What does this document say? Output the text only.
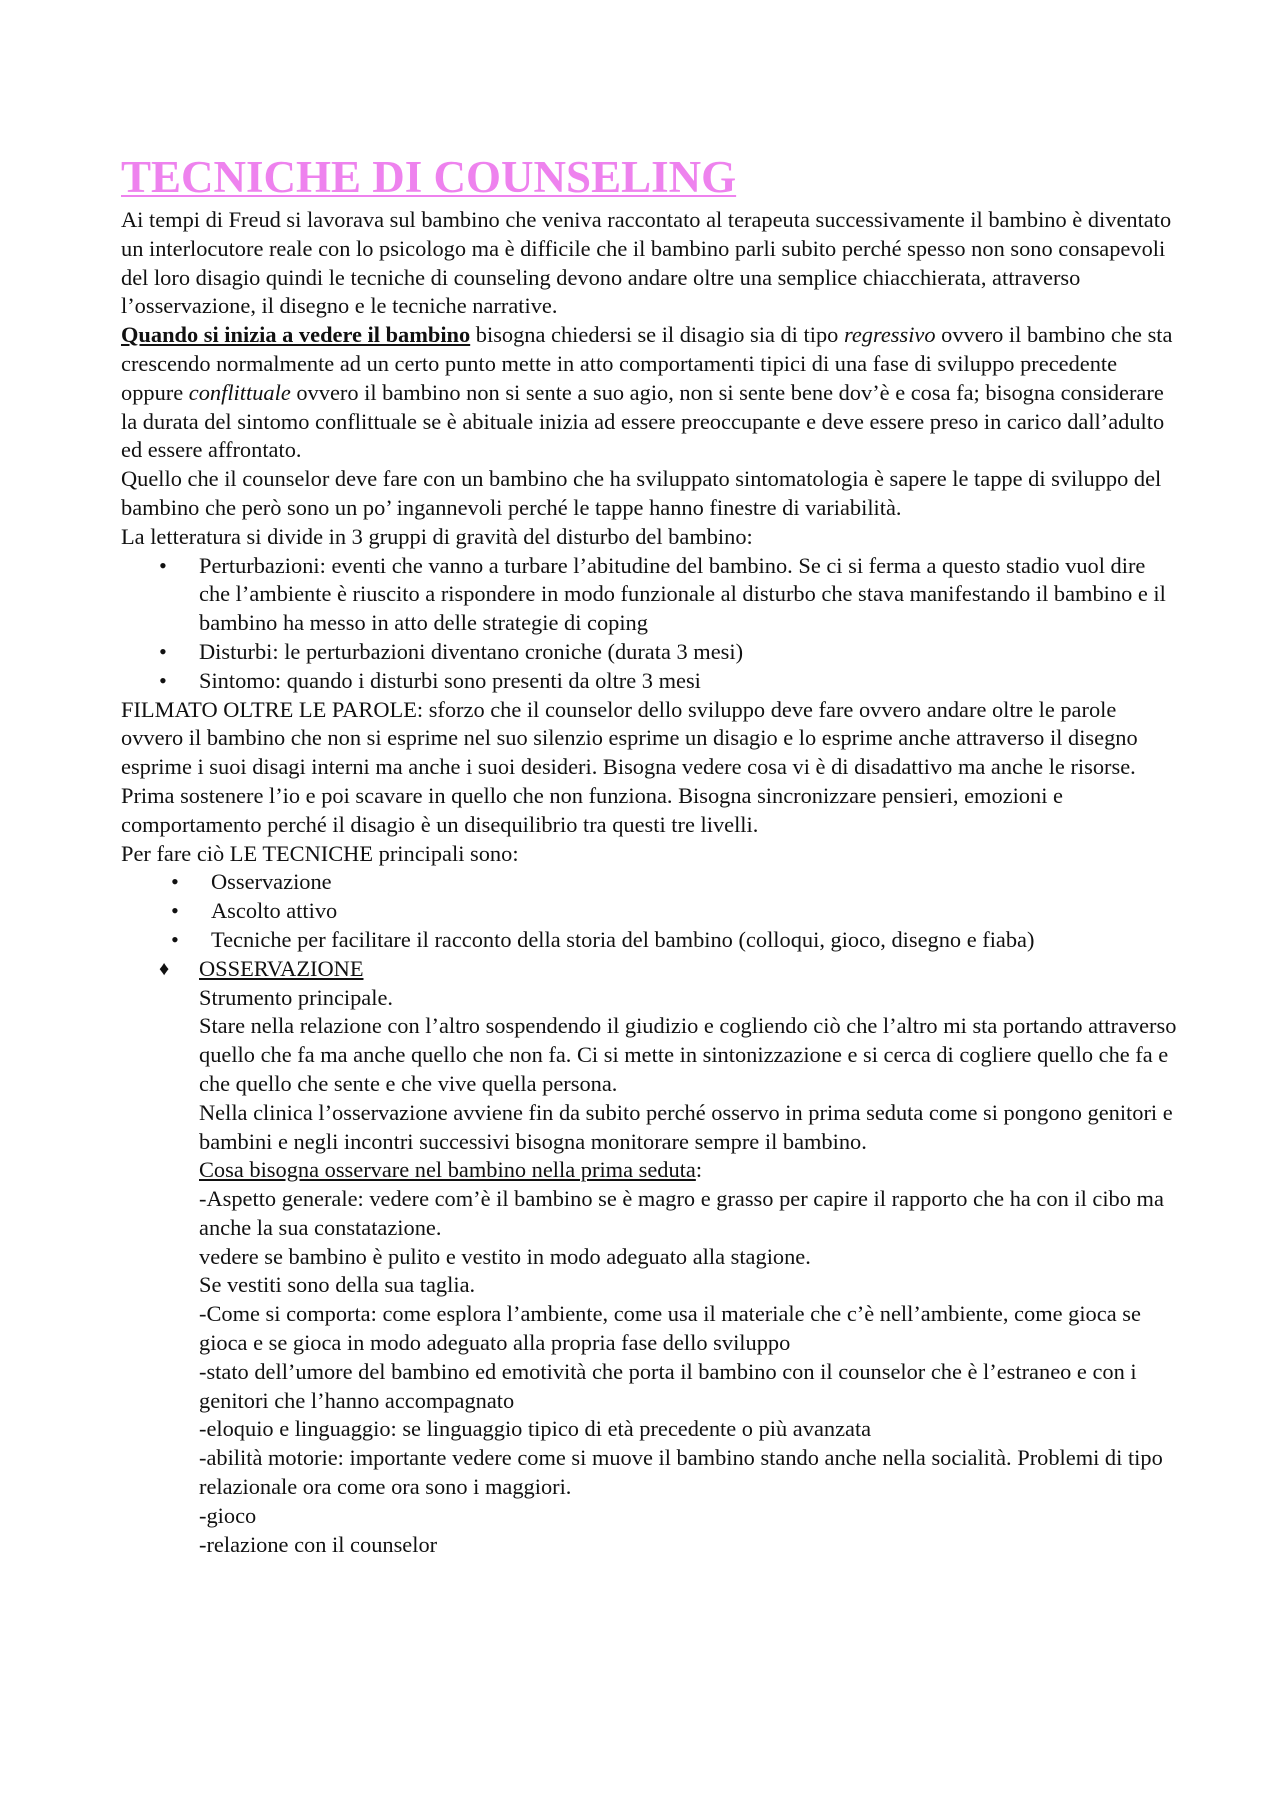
TECNICHE DI COUNSELING

Ai tempi di Freud si lavorava sul bambino che veniva raccontato al terapeuta successivamente il bambino è diventato un interlocutore reale con lo psicologo ma è difficile che il bambino parli subito perché spesso non sono consapevoli del loro disagio quindi le tecniche di counseling devono andare oltre una semplice chiacchierata, attraverso l’osservazione, il disegno e le tecniche narrative.

Quando si inizia a vedere il bambino bisogna chiedersi se il disagio sia di tipo regressivo ovvero il bambino che sta crescendo normalmente ad un certo punto mette in atto comportamenti tipici di una fase di sviluppo precedente oppure conflittuale ovvero il bambino non si sente a suo agio, non si sente bene dov’è e cosa fa; bisogna considerare la durata del sintomo conflittuale se è abituale inizia ad essere preoccupante e deve essere preso in carico dall’adulto ed essere affrontato.

Quello che il counselor deve fare con un bambino che ha sviluppato sintomatologia è sapere le tappe di sviluppo del bambino che però sono un po’ ingannevoli perché le tappe hanno finestre di variabilità.

La letteratura si divide in 3 gruppi di gravità del disturbo del bambino:

• Perturbazioni: eventi che vanno a turbare l’abitudine del bambino. Se ci si ferma a questo stadio vuol dire che l’ambiente è riuscito a rispondere in modo funzionale al disturbo che stava manifestando il bambino e il bambino ha messo in atto delle strategie di coping
• Disturbi: le perturbazioni diventano croniche (durata 3 mesi)
• Sintomo: quando i disturbi sono presenti da oltre 3 mesi

FILMATO OLTRE LE PAROLE: sforzo che il counselor dello sviluppo deve fare ovvero andare oltre le parole ovvero il bambino che non si esprime nel suo silenzio esprime un disagio e lo esprime anche attraverso il disegno esprime i suoi disagi interni ma anche i suoi desideri. Bisogna vedere cosa vi è di disadattivo ma anche le risorse. Prima sostenere l’io e poi scavare in quello che non funziona. Bisogna sincronizzare pensieri, emozioni e comportamento perché il disagio è un disequilibrio tra questi tre livelli.

Per fare ciò LE TECNICHE principali sono:

• Osservazione
• Ascolto attivo
• Tecniche per facilitare il racconto della storia del bambino (colloqui, gioco, disegno e fiaba)
♦ OSSERVAZIONE

Strumento principale.

Stare nella relazione con l’altro sospendendo il giudizio e cogliendo ciò che l’altro mi sta portando attraverso quello che fa ma anche quello che non fa. Ci si mette in sintonizzazione e si cerca di cogliere quello che fa e che quello che sente e che vive quella persona.

Nella clinica l’osservazione avviene fin da subito perché osservo in prima seduta come si pongono genitori e bambini e negli incontri successivi bisogna monitorare sempre il bambino.

Cosa bisogna osservare nel bambino nella prima seduta:

-Aspetto generale: vedere com’è il bambino se è magro e grasso per capire il rapporto che ha con il cibo ma anche la sua constatazione.

vedere se bambino è pulito e vestito in modo adeguato alla stagione.

Se vestiti sono della sua taglia.

-Come si comporta: come esplora l’ambiente, come usa il materiale che c’è nell’ambiente, come gioca se gioca e se gioca in modo adeguato alla propria fase dello sviluppo

-stato dell’umore del bambino ed emotività che porta il bambino con il counselor che è l’estraneo e con i genitori che l’hanno accompagnato

-eloquio e linguaggio: se linguaggio tipico di età precedente o più avanzata

-abilità motorie: importante vedere come si muove il bambino stando anche nella socialità. Problemi di tipo relazionale ora come ora sono i maggiori.

-gioco

-relazione con il counselor
